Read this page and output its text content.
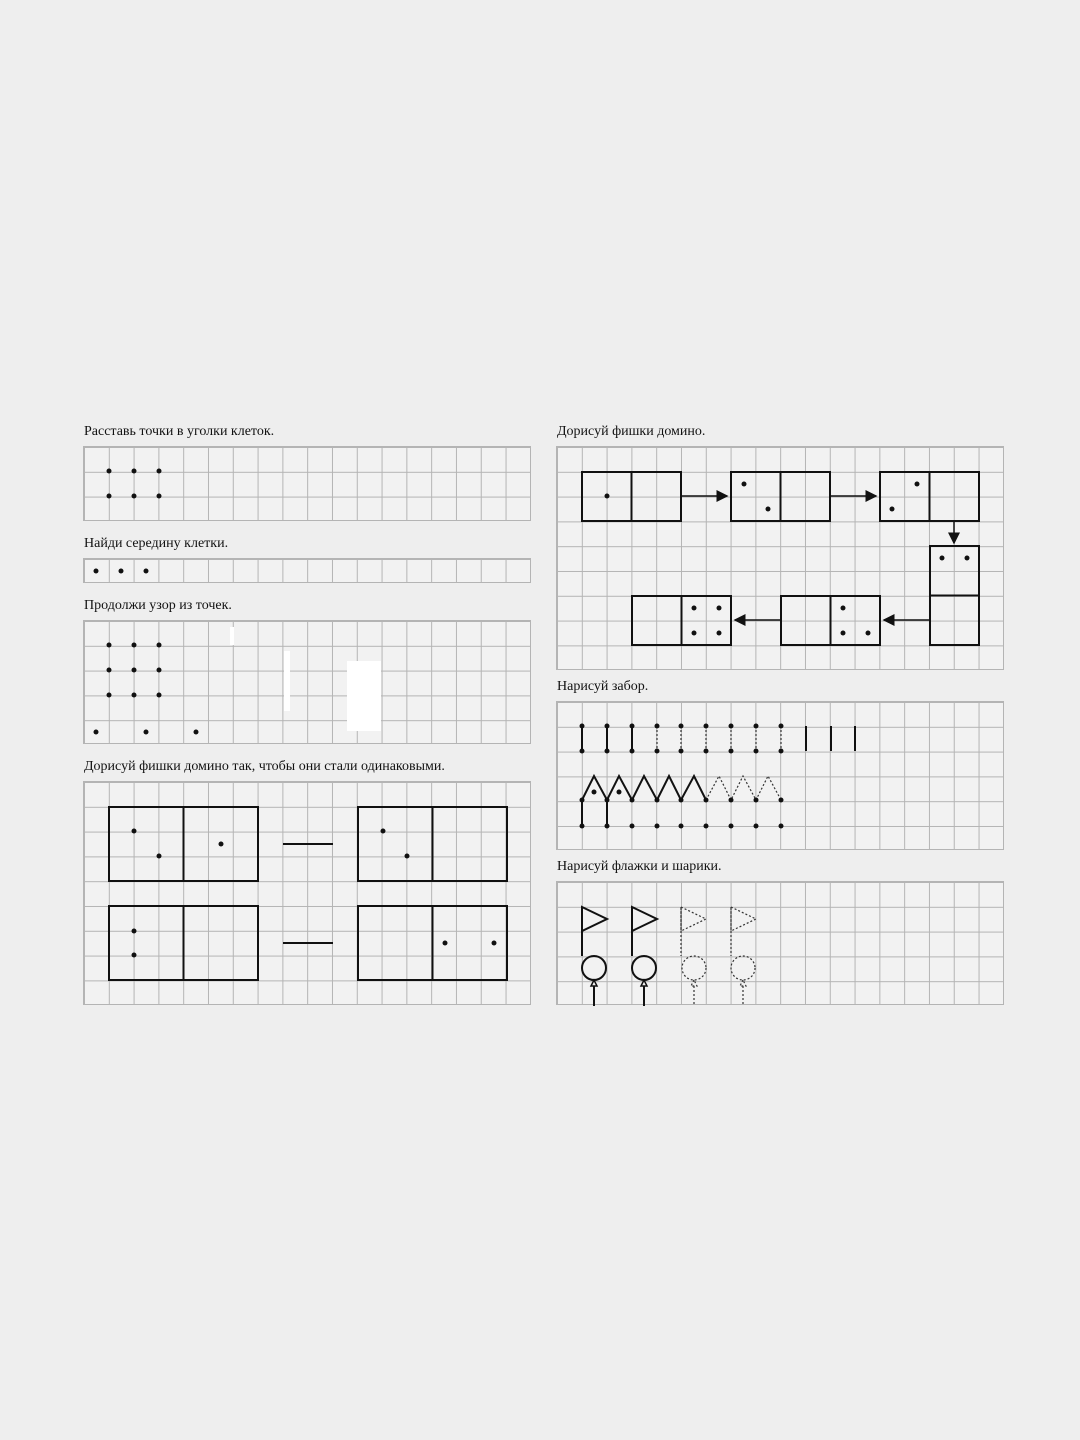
Расставь точки в уголки клеток.
Найди середину клетки.
Продолжи узор из точек.
Дорисуй фишки домино так, чтобы они стали одинаковыми.
Дорисуй фишки домино.
Нарисуй забор.
Нарисуй флажки и шарики.
